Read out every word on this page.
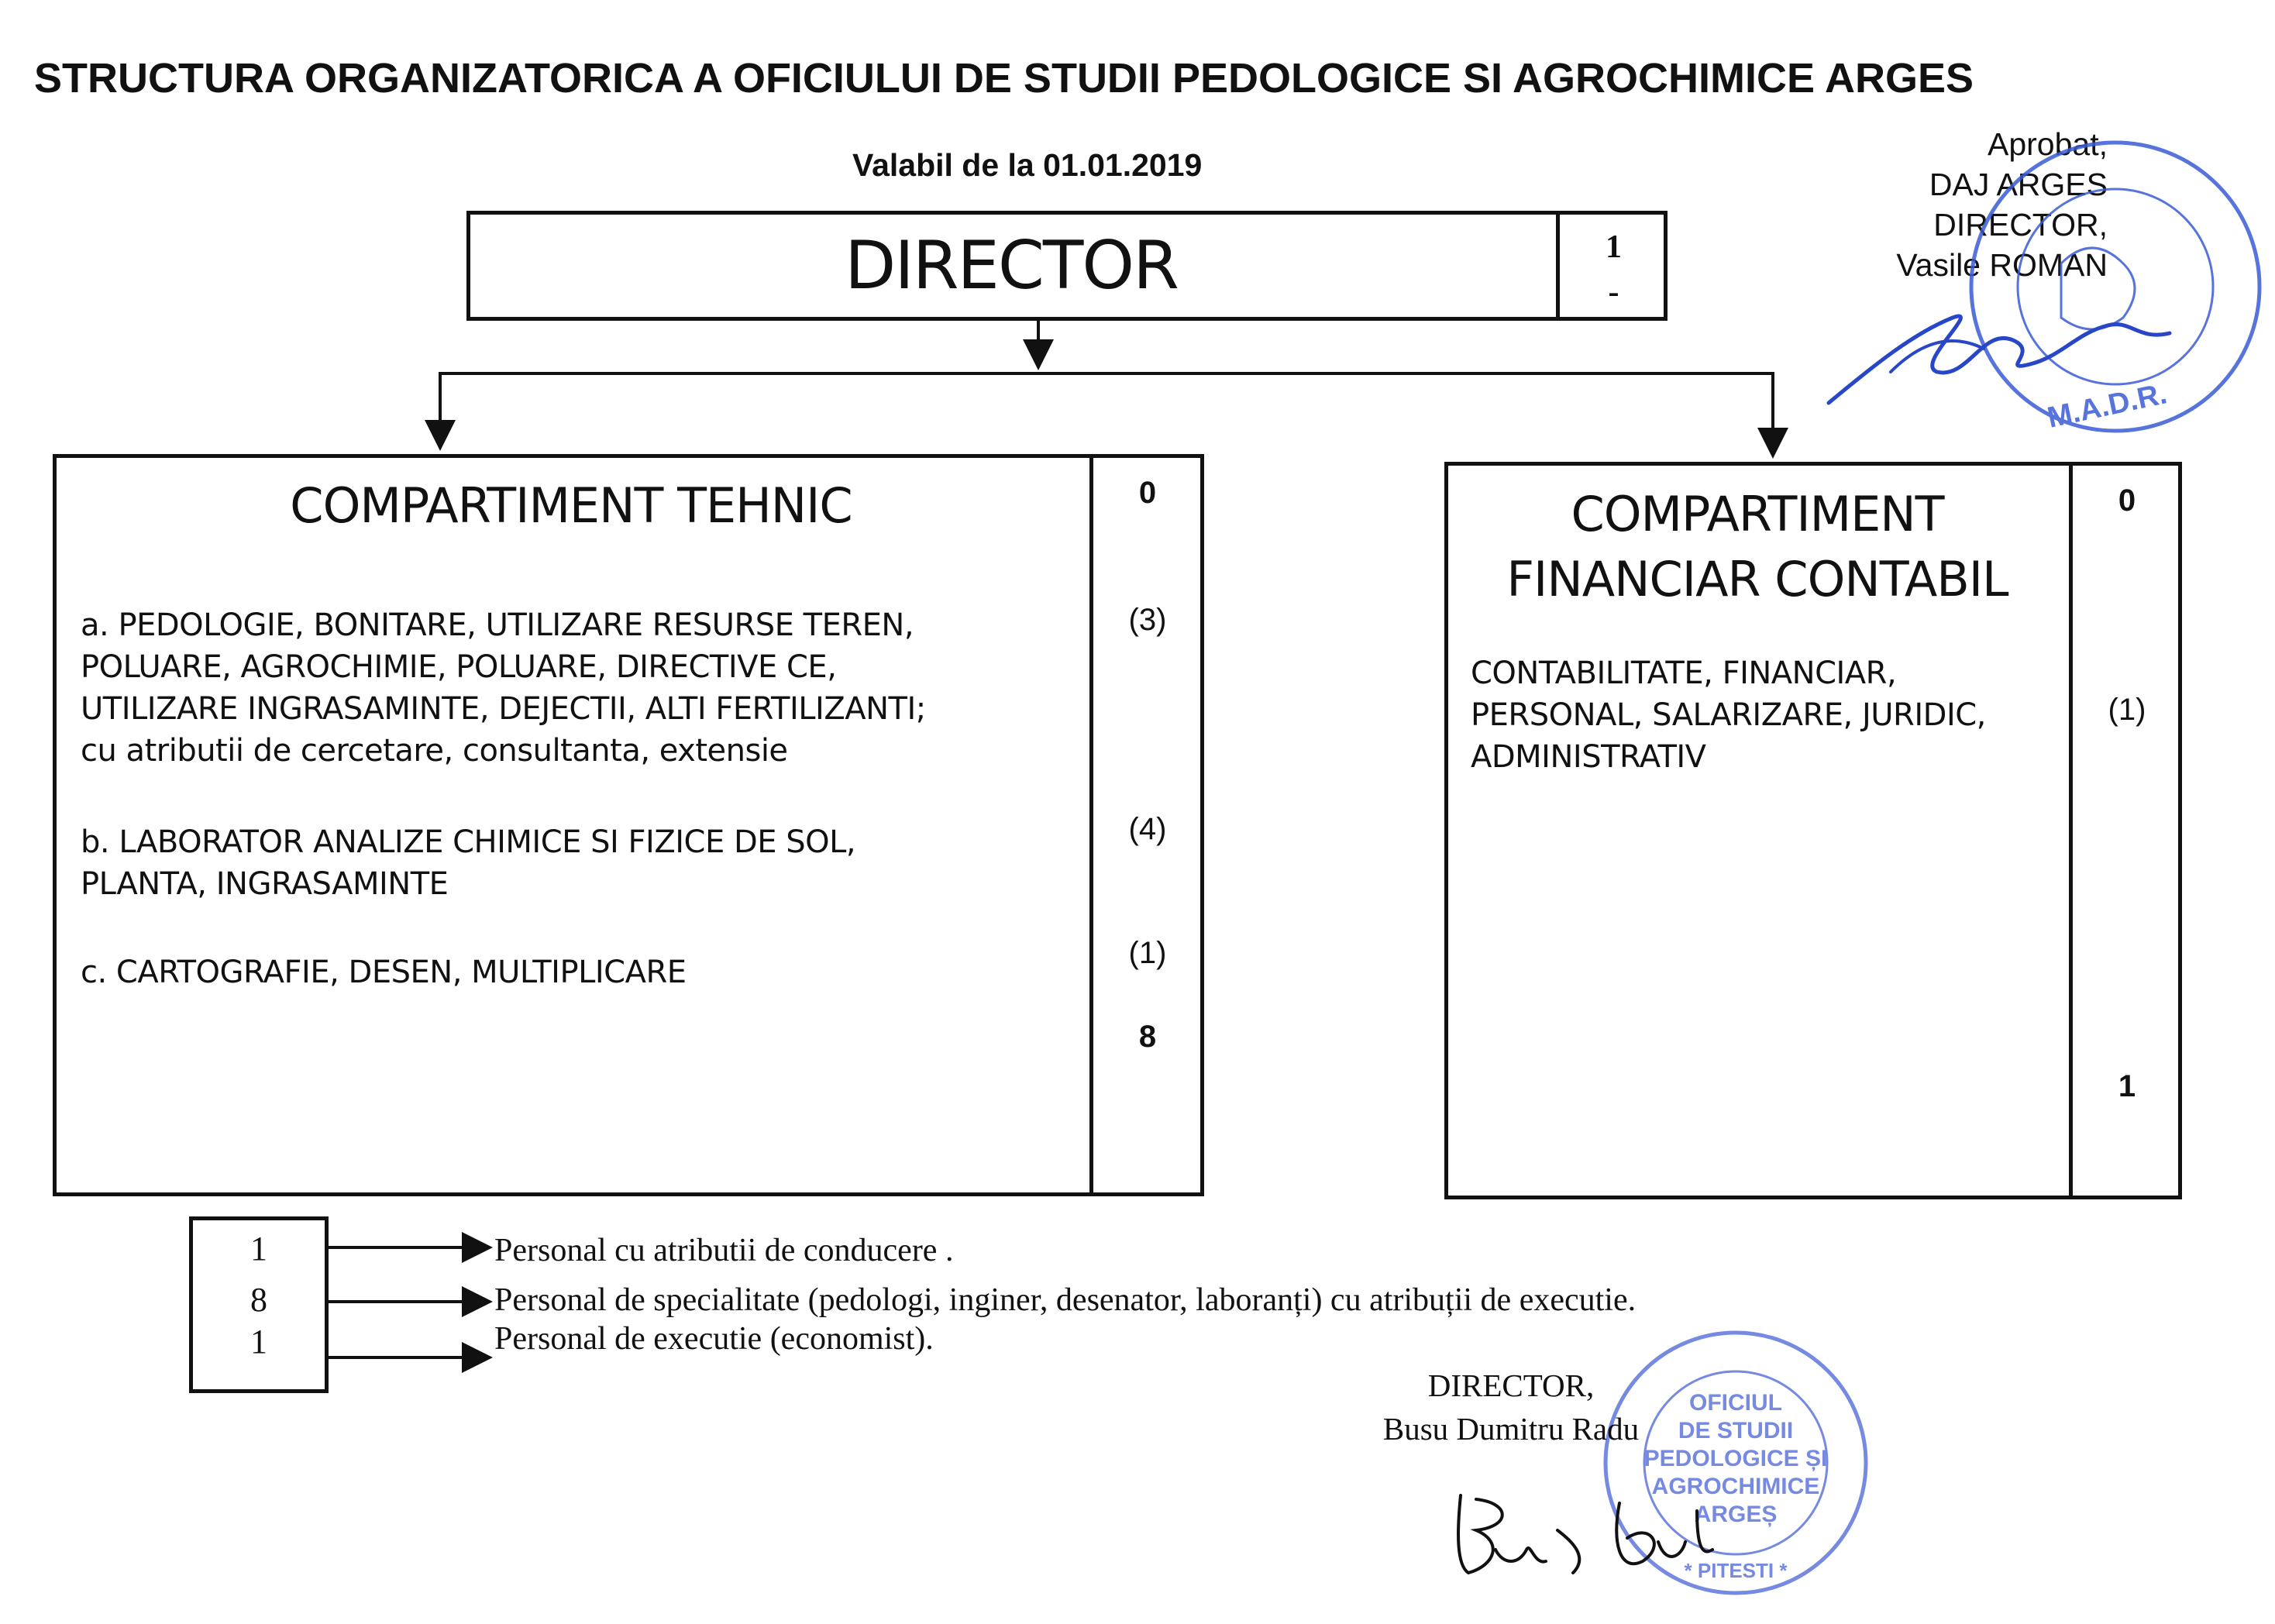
STRUCTURA ORGANIZATORICA A OFICIULUI DE STUDII PEDOLOGICE SI AGROCHIMICE ARGES
Valabil de la 01.01.2019
Aprobat,
DAJ ARGES
DIRECTOR,
Vasile ROMAN
M.A.D.R.
OFICIUL
DE STUDII
PEDOLOGICE ȘI
AGROCHIMICE
ARGEȘ
* PITESTI *
DIRECTOR	1
-
COMPARTIMENT TEHNIC	0
a. PEDOLOGIE, BONITARE, UTILIZARE RESURSE TEREN,
POLUARE, AGROCHIMIE, POLUARE, DIRECTIVE CE,
UTILIZARE INGRASAMINTE, DEJECTII, ALTI FERTILIZANTI;
cu atributii de cercetare, consultanta, extensie
(3)
b. LABORATOR ANALIZE CHIMICE SI FIZICE DE SOL,
PLANTA, INGRASAMINTE
(4)
c. CARTOGRAFIE, DESEN, MULTIPLICARE
(1)
8
COMPARTIMENT
FINANCIAR CONTABIL
0
CONTABILITATE, FINANCIAR,
PERSONAL, SALARIZARE, JURIDIC,
ADMINISTRATIV
(1)
1
1
8
1
Personal cu atributii de conducere .
Personal de specialitate (pedologi, inginer, desenator, laboranți) cu atribuții de executie.
Personal de executie (economist).
DIRECTOR,
Busu Dumitru Radu
